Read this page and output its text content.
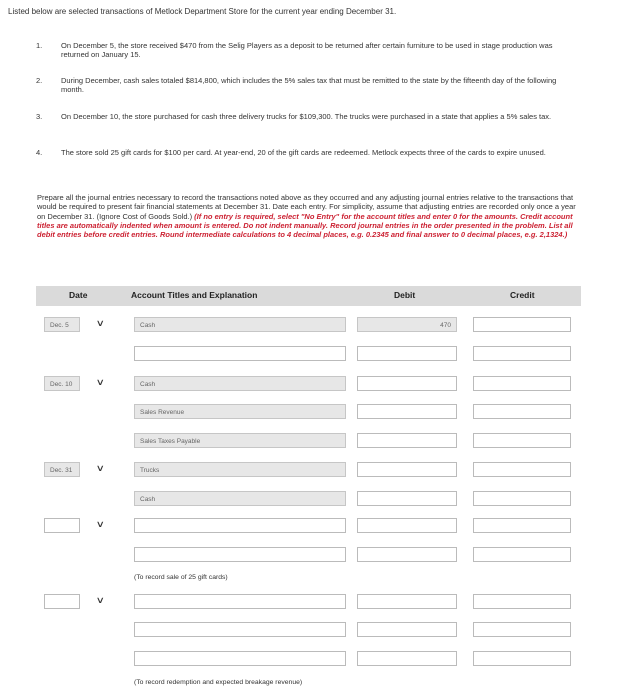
Listed below are selected transactions of Metlock Department Store for the current year ending December 31.
1. On December 5, the store received $470 from the Selig Players as a deposit to be returned after certain furniture to be used in stage production was returned on January 15.
2. During December, cash sales totaled $814,800, which includes the 5% sales tax that must be remitted to the state by the fifteenth day of the following month.
3. On December 10, the store purchased for cash three delivery trucks for $109,300. The trucks were purchased in a state that applies a 5% sales tax.
4. The store sold 25 gift cards for $100 per card. At year-end, 20 of the gift cards are redeemed. Metlock expects three of the cards to expire unused.
Prepare all the journal entries necessary to record the transactions noted above as they occurred and any adjusting journal entries relative to the transactions that would be required to present fair financial statements at December 31. Date each entry. For simplicity, assume that adjusting entries are recorded only once a year on December 31. (Ignore Cost of Goods Sold.) (If no entry is required, select "No Entry" for the account titles and enter 0 for the amounts. Credit account titles are automatically indented when amount is entered. Do not indent manually. Record journal entries in the order presented in the problem. List all debit entries before credit entries. Round intermediate calculations to 4 decimal places, e.g. 0.2345 and final answer to 0 decimal places, e.g. 2,1324.)
Date	Account Titles and Explanation	Debit	Credit
Dec. 5	∨	Cash	470
Dec. 10	∨	Cash
Sales Revenue
Sales Taxes Payable
Dec. 31	∨	Trucks
Cash
∨
(To record sale of 25 gift cards)
∨
(To record redemption and expected breakage revenue)
